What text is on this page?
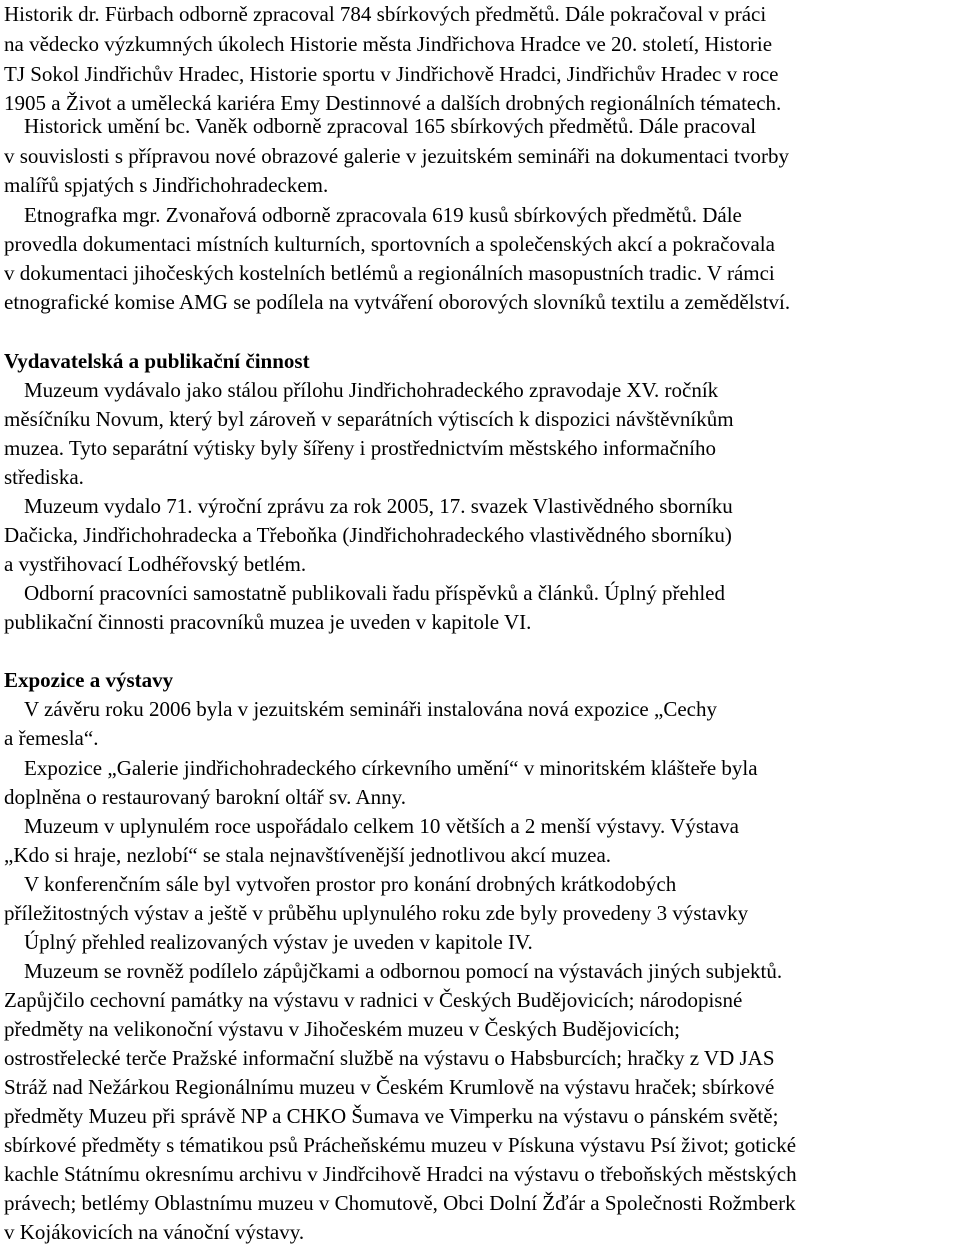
Historik dr. Fürbach odborně zpracoval 784 sbírkových předmětů. Dále pokračoval v práci
na vědecko výzkumných úkolech Historie města Jindřichova Hradce ve 20. století, Historie
TJ Sokol Jindřichův Hradec, Historie sportu v Jindřichově Hradci, Jindřichův Hradec v roce
1905 a Život a umělecká kariéra Emy Destinnové a dalších drobných regionálních tématech.
Historick umění bc. Vaněk odborně zpracoval 165 sbírkových předmětů. Dále pracoval
v souvislosti s přípravou nové obrazové galerie v jezuitském semináři na dokumentaci tvorby
malířů spjatých s Jindřichohradeckem.
Etnografka mgr. Zvonařová odborně zpracovala 619 kusů sbírkových předmětů. Dále
provedla dokumentaci místních kulturních, sportovních a společenských akcí a pokračovala
v dokumentaci jihočeských kostelních betlémů a regionálních masopustních tradic. V rámci
etnografické komise AMG se podílela na vytváření oborových slovníků textilu a zemědělství.
Vydavatelská a publikační činnost
Muzeum vydávalo jako stálou přílohu Jindřichohradeckého zpravodaje XV. ročník
měsíčníku Novum, který byl zároveň v separátních výtiscích k dispozici návštěvníkům
muzea. Tyto separátní výtisky byly šířeny i prostřednictvím městského informačního
střediska.
Muzeum vydalo 71. výroční zprávu za rok 2005, 17. svazek Vlastivědného sborníku
Dačicka, Jindřichohradecka a Třeboňka (Jindřichohradeckého vlastivědného sborníku)
a vystřihovací Lodhéřovský betlém.
Odborní pracovníci samostatně publikovali řadu příspěvků a článků. Úplný přehled
publikační činnosti pracovníků muzea je uveden v kapitole VI.
Expozice a výstavy
V závěru roku 2006 byla v jezuitském semináři instalována nová expozice „Cechy
a řemesla“.
Expozice „Galerie jindřichohradeckého církevního umění“ v minoritském klášteře byla
doplněna o restaurovaný barokní oltář sv. Anny.
Muzeum v uplynulém roce uspořádalo celkem 10 větších a 2 menší výstavy. Výstava
„Kdo si hraje, nezlobí“ se stala nejnavštívenější jednotlivou akcí muzea.
V konferenčním sále byl vytvořen prostor pro konání drobných krátkodobých
příležitostných výstav a ještě v průběhu uplynulého roku zde byly provedeny 3 výstavky
Úplný přehled realizovaných výstav je uveden v kapitole IV.
Muzeum se rovněž podílelo zápůjčkami a odbornou pomocí na výstavách jiných subjektů.
Zapůjčilo cechovní památky na výstavu v radnici v Českých Budějovicích; národopisné
předměty na velikonoční výstavu v Jihočeském muzeu v Českých Budějovicích;
ostrostřelecké terče Pražské informační službě na výstavu o Habsburcích; hračky z VD JAS
Stráž nad Nežárkou Regionálnímu muzeu v Českém Krumlově na výstavu hraček; sbírkové
předměty Muzeu při správě NP a CHKO Šumava ve Vimperku na výstavu o pánském světě;
sbírkové předměty s tématikou psů Prácheňskému muzeu v Pískuna výstavu Psí život; gotické
kachle Státnímu okresnímu archivu v Jindřcihově Hradci na výstavu o třeboňských městských
právech; betlémy Oblastnímu muzeu v Chomutově, Obci Dolní Žďár a Společnosti Rožmberk
v Kojákovicích na vánoční výstavy.
